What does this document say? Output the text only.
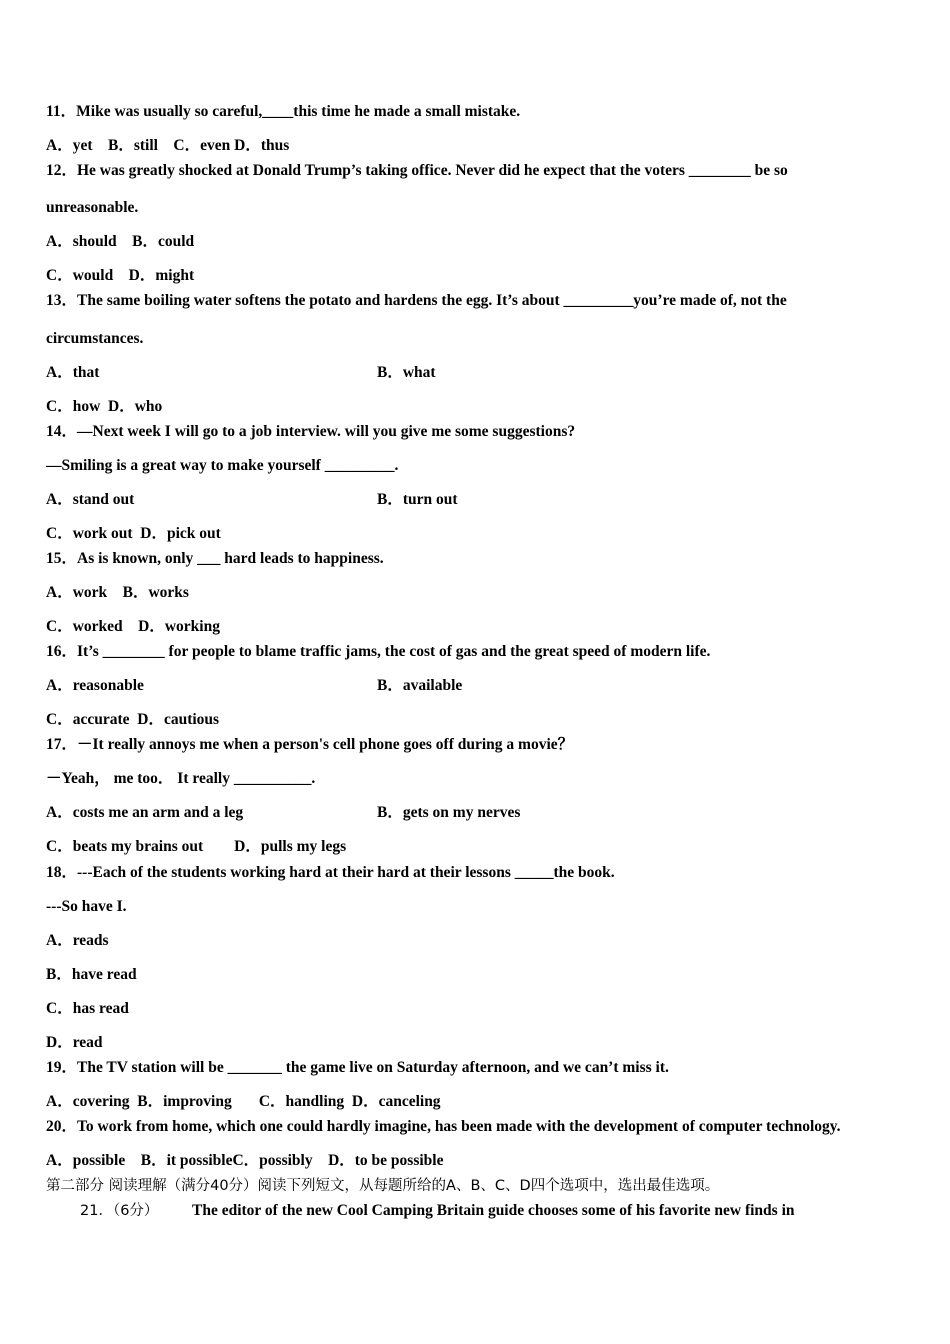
11．Mike was usually so careful,____this time he made a small mistake.
A．yet    B．still    C．even D．thus
12．He was greatly shocked at Donald Trump’s taking office. Never did he expect that the voters ________ be so
unreasonable.
A．should    B．could
C．would    D．might
13．The same boiling water softens the potato and hardens the egg. It’s about _________you’re made of, not the
circumstances.
A．that	B．what
C．how  D．who
14．—Next week I will go to a job interview. will you give me some suggestions?
—Smiling is a great way to make yourself _________.
A．stand out	B．turn out
C．work out  D．pick out
15．As is known, only ___ hard leads to happiness.
A．work    B．works
C．worked    D．working
16．It’s ________ for people to blame traffic jams, the cost of gas and the great speed of modern life.
A．reasonable	B．available
C．accurate  D．cautious
17．－It really annoys me when a person's cell phone goes off during a movie？
－Yeah， me too． It really __________.
A．costs me an arm and a leg	B．gets on my nerves
C．beats my brains out        D．pulls my legs
18．---Each of the students working hard at their hard at their lessons _____the book.
---So have I.
A．reads
B．have read
C．has read
D．read
19．The TV station will be _______ the game live on Saturday afternoon, and we can’t miss it.
A．covering  B．improving       C．handling  D．canceling
20．To work from home, which one could hardly imagine, has been made with the development of computer technology.
A．possible    B．it possibleC．possibly    D．to be possible
第二部分 阅读理解（满分40分）阅读下列短文，从每题所给的A、B、C、D四个选项中，选出最佳选项。
21．（6分） The editor of the new Cool Camping Britain guide chooses some of his favorite new finds in
